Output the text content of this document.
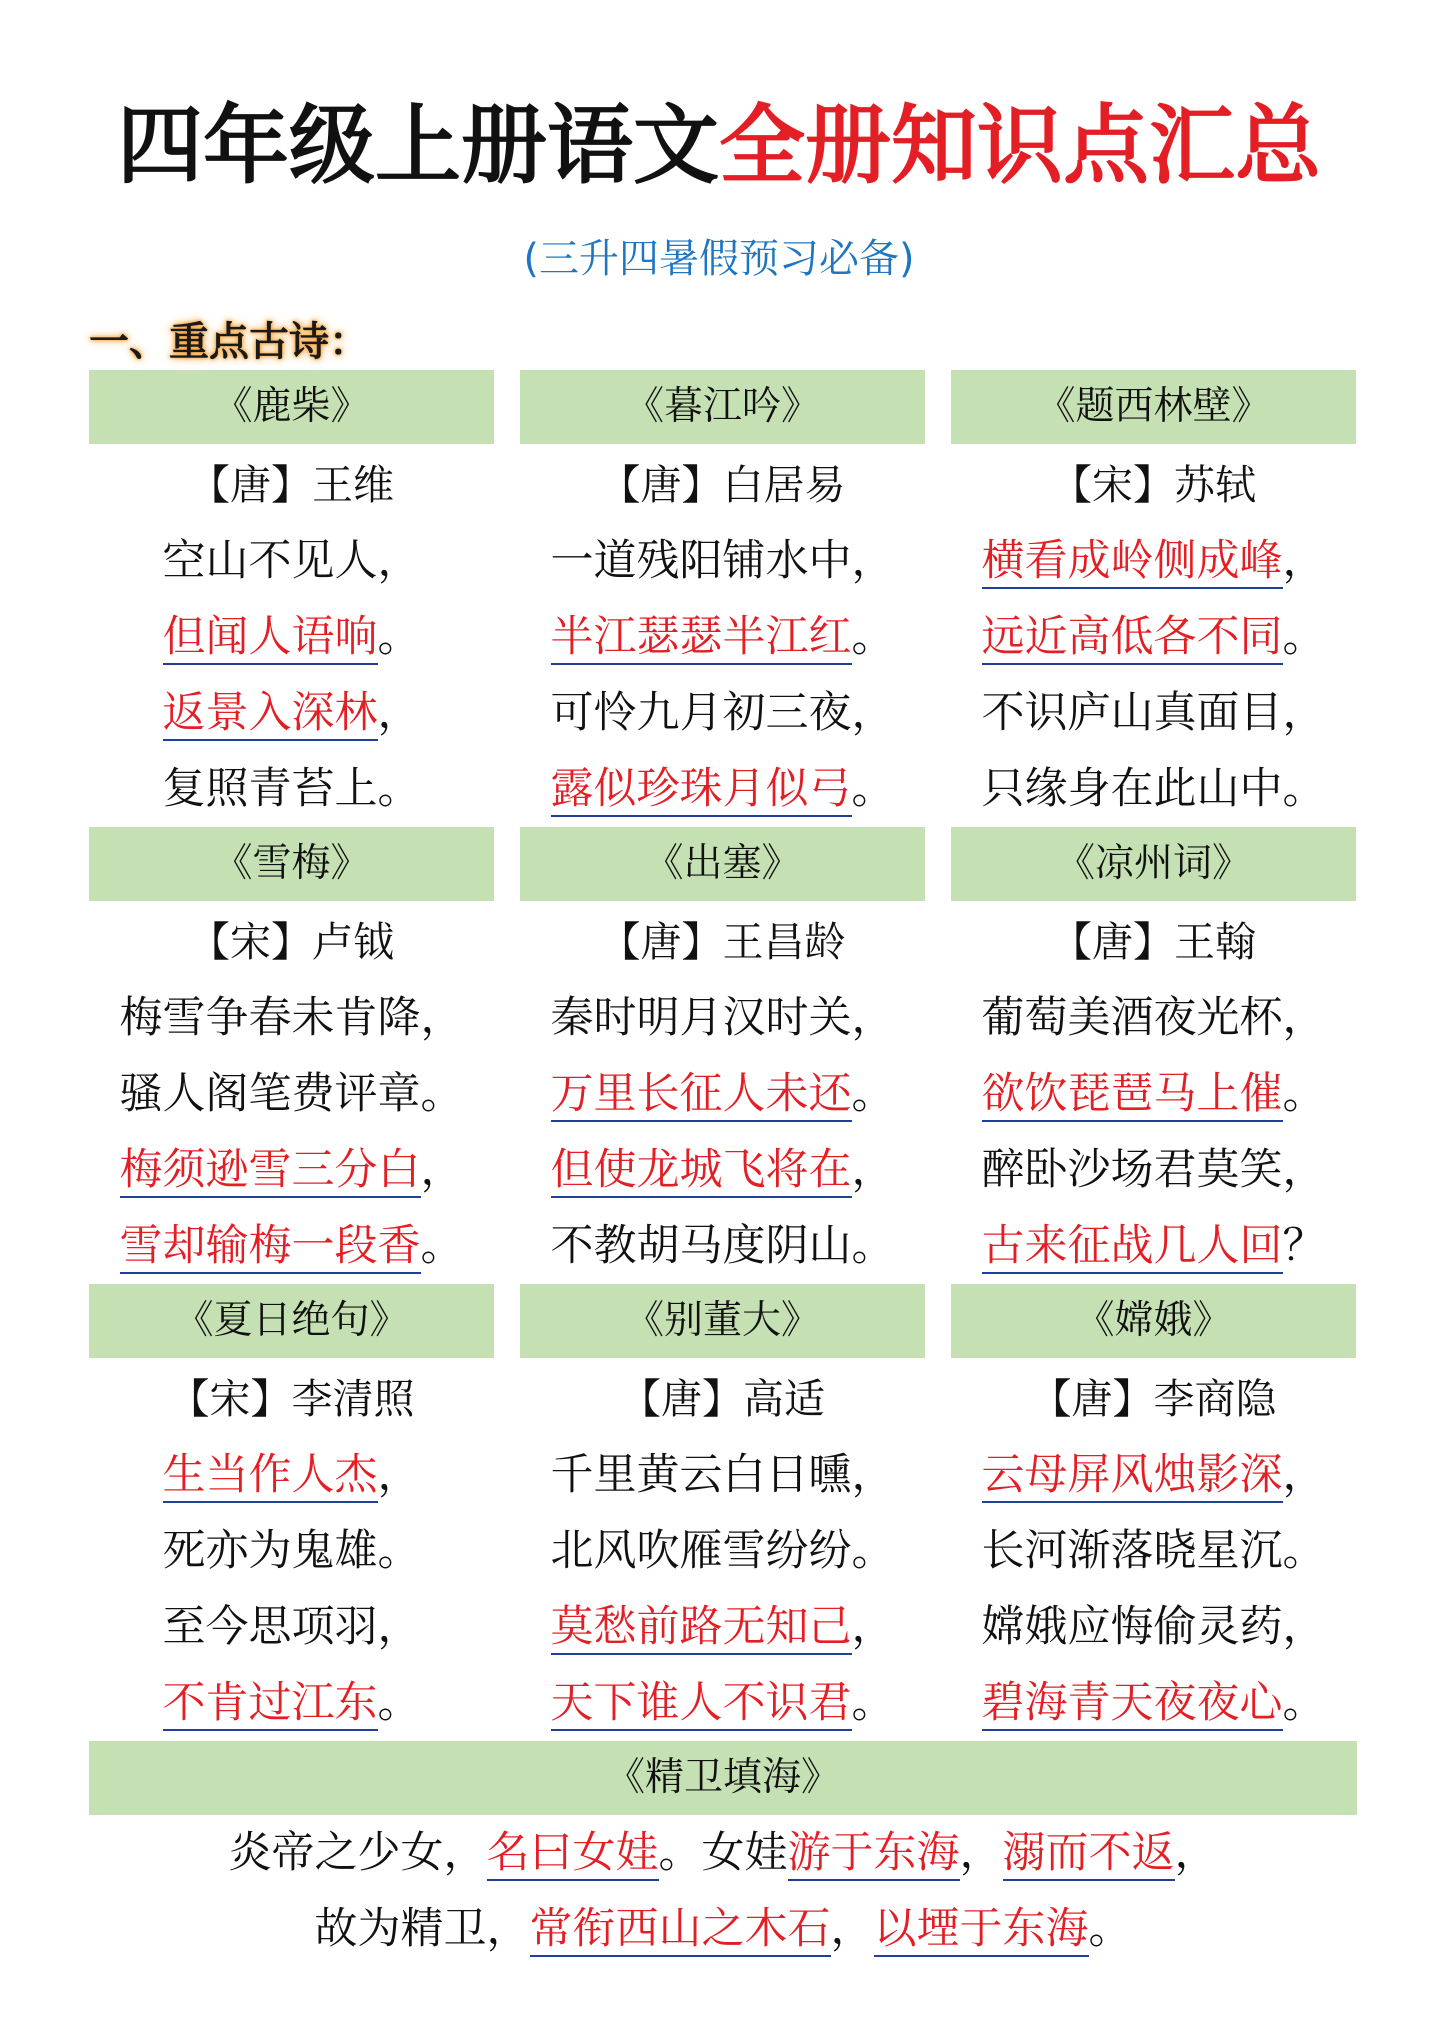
四年级上册语文全册知识点汇总
(三升四暑假预习必备)
一、重点古诗：
《鹿柴》
【唐】王维
空山不见人，
但闻人语响。
返景入深林，
复照青苔上。
《暮江吟》
【唐】白居易
一道残阳铺水中，
半江瑟瑟半江红。
可怜九月初三夜，
露似珍珠月似弓。
《题西林壁》
【宋】苏轼
横看成岭侧成峰，
远近高低各不同。
不识庐山真面目，
只缘身在此山中。
《雪梅》
【宋】卢钺
梅雪争春未肯降，
骚人阁笔费评章。
梅须逊雪三分白，
雪却输梅一段香。
《出塞》
【唐】王昌龄
秦时明月汉时关，
万里长征人未还。
但使龙城飞将在，
不教胡马度阴山。
《凉州词》
【唐】王翰
葡萄美酒夜光杯，
欲饮琵琶马上催。
醉卧沙场君莫笑，
古来征战几人回？
《夏日绝句》
【宋】李清照
生当作人杰，
死亦为鬼雄。
至今思项羽，
不肯过江东。
《别董大》
【唐】高适
千里黄云白日曛，
北风吹雁雪纷纷。
莫愁前路无知己，
天下谁人不识君。
《嫦娥》
【唐】李商隐
云母屏风烛影深，
长河渐落晓星沉。
嫦娥应悔偷灵药，
碧海青天夜夜心。
《精卫填海》
炎帝之少女，名曰女娃。女娃游于东海，溺而不返，
故为精卫，常衔西山之木石，以堙于东海。
